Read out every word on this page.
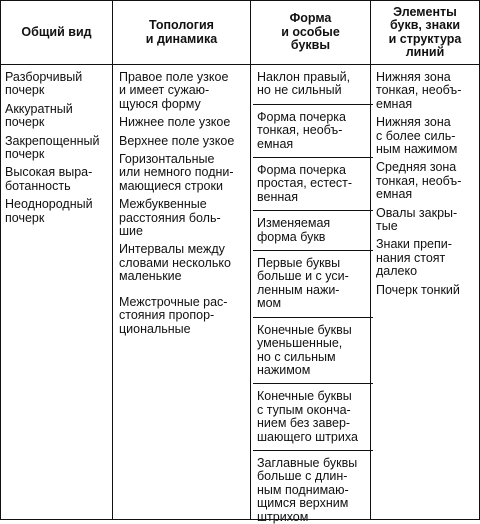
Общий вид	Топология
и динамика
Форма
и особые
буквы
Элементы
букв, знаки
и структура
линий
Разборчивый
почерк
Аккуратный
почерк
Закрепощенный
почерк
Высокая выра-
ботанность
Неоднородный
почерк
Правое поле узкое
и имеет сужаю-
щуюся форму
Нижнее поле узкое
Верхнее поле узкое
Горизонтальные
или немного подни-
мающиеся строки
Межбуквенные
расстояния боль-
шие
Интервалы между
словами несколько
маленькие
Межстрочные рас-
стояния пропор-
циональные
Наклон правый,
но не сильный
Форма почерка
тонкая, необъ-
емная
Форма почерка
простая, естест-
венная
Изменяемая
форма букв
Первые буквы
больше и с уси-
ленным нажи-
мом
Конечные буквы
уменьшенные,
но с сильным
нажимом
Конечные буквы
с тупым оконча-
нием без завер-
шающего штриха
Заглавные буквы
больше с длин-
ным поднимаю-
щимся верхним
штрихом
Нижняя зона
тонкая, необъ-
емная
Нижняя зона
с более силь-
ным нажимом
Средняя зона
тонкая, необъ-
емная
Овалы закры-
тые
Знаки препи-
нания стоят
далеко
Почерк тонкий
